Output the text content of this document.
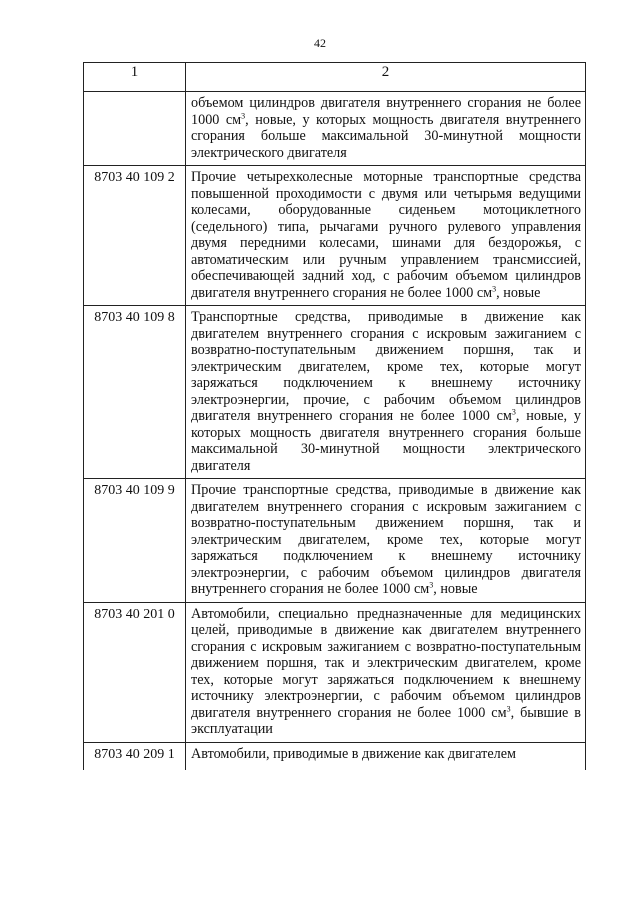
42
1	2
	объемом цилиндров двигателя внутреннего сгорания не более 1000 $см^3$, новые, у которых мощность двигателя внутреннего сгорания больше максимальной 30-минутной мощности электрического двигателя
8703 40 109 2	Прочие четырехколесные моторные транспортные средства повышенной проходимости с двумя или четырьмя ведущими колесами, оборудованные сиденьем мотоциклетного (седельного) типа, рычагами ручного рулевого управления двумя передними колесами, шинами для бездорожья, с автоматическим или ручным управлением трансмиссией, обеспечивающей задний ход, с рабочим объемом цилиндров двигателя внутреннего сгорания не более 1000 $см^3$, новые
8703 40 109 8	Транспортные средства, приводимые в движение как двигателем внутреннего сгорания с искровым зажиганием с возвратно-поступательным движением поршня, так и электрическим двигателем, кроме тех, которые могут заряжаться подключением к внешнему источнику электроэнергии, прочие, с рабочим объемом цилиндров двигателя внутреннего сгорания не более 1000 $см^3$, новые, у которых мощность двигателя внутреннего сгорания больше максимальной 30-минутной мощности электрического двигателя
8703 40 109 9	Прочие транспортные средства, приводимые в движение как двигателем внутреннего сгорания с искровым зажиганием с возвратно-поступательным движением поршня, так и электрическим двигателем, кроме тех, которые могут заряжаться подключением к внешнему источнику электроэнергии, с рабочим объемом цилиндров двигателя внутреннего сгорания не более 1000 $см^3$, новые
8703 40 201 0	Автомобили, специально предназначенные для медицинских целей, приводимые в движение как двигателем внутреннего сгорания с искровым зажиганием с возвратно-поступательным движением поршня, так и электрическим двигателем, кроме тех, которые могут заряжаться подключением к внешнему источнику электроэнергии, с рабочим объемом цилиндров двигателя внутреннего сгорания не более 1000 $см^3$, бывшие в эксплуатации
8703 40 209 1	Автомобили, приводимые в движение как двигателем
